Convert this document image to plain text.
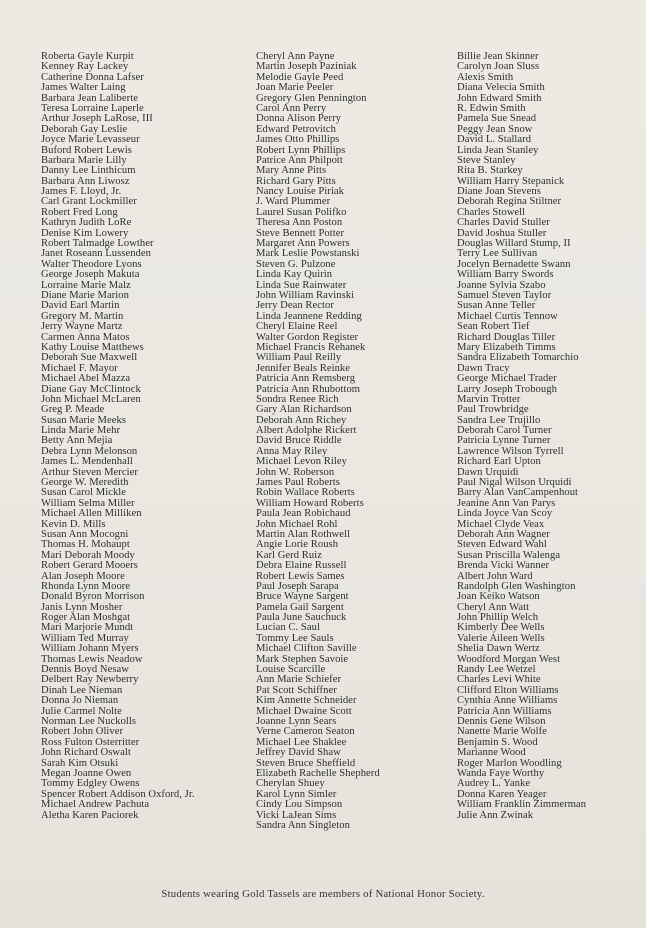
Roberta Gayle Kurpit
Kenney Ray Lackey
Catherine Donna Lafser
James Walter Laing
Barbara Jean Laliberte
Teresa Lorraine Laperle
Arthur Joseph LaRose, III
Deborah Gay Leslie
Joyce Marie Levasseur
Buford Robert Lewis
Barbara Marie Lilly
Danny Lee Linthicum
Barbara Ann Liwosz
James F. Lloyd, Jr.
Carl Grant Lockmiller
Robert Fred Long
Kathryn Judith LoRe
Denise Kim Lowery
Robert Talmadge Lowther
Janet Roseann Lussenden
Walter Theodore Lyons
George Joseph Makuta
Lorraine Marie Malz
Diane Marie Marion
David Earl Martin
Gregory M. Martin
Jerry Wayne Martz
Carmen Anna Matos
Kathy Louise Matthews
Deborah Sue Maxwell
Michael F. Mayor
Michael Abel Mazza
Diane Gay McClintock
John Michael McLaren
Greg P. Meade
Susan Marie Meeks
Linda Marie Mehr
Betty Ann Mejia
Debra Lynn Melonson
James L. Mendenhall
Arthur Steven Mercier
George W. Meredith
Susan Carol Mickle
William Selma Miller
Michael Allen Milliken
Kevin D. Mills
Susan Ann Mocogni
Thomas H. Mohaupt
Mari Deborah Moody
Robert Gerard Mooers
Alan Joseph Moore
Rhonda Lynn Moore
Donald Byron Morrison
Janis Lynn Mosher
Roger Alan Moshgat
Mari Marjorie Mundt
William Ted Murray
William Johann Myers
Thomas Lewis Neadow
Dennis Boyd Nesaw
Delbert Ray Newberry
Dinah Lee Nieman
Donna Jo Nieman
Julie Carmel Nolte
Norman Lee Nuckolls
Robert John Oliver
Ross Fulton Osterritter
John Richard Oswalt
Sarah Kim Otsuki
Megan Joanne Owen
Tommy Edgley Owens
Spencer Robert Addison Oxford, Jr.
Michael Andrew Pachuta
Aletha Karen Paciorek
Cheryl Ann Payne
Martin Joseph Paziniak
Melodie Gayle Peed
Joan Marie Peeler
Gregory Glen Pennington
Carol Ann Perry
Donna Alison Perry
Edward Petrovitch
James Otto Phillips
Robert Lynn Phillips
Patrice Ann Philpott
Mary Anne Pitts
Richard Gary Pitts
Nancy Louise Piriak
J. Ward Plummer
Laurel Susan Polifko
Theresa Ann Poston
Steve Bennett Potter
Margaret Ann Powers
Mark Leslie Powstanski
Steven G. Pulzone
Linda Kay Quirin
Linda Sue Rainwater
John William Ravinski
Jerry Dean Rector
Linda Jeannene Redding
Cheryl Elaine Reel
Walter Gordon Register
Michael Francis Rehanek
William Paul Reilly
Jennifer Beals Reinke
Patricia Ann Remsberg
Patricia Ann Rhubottom
Sondra Renee Rich
Gary Alan Richardson
Deborah Ann Richey
Albert Adolphe Rickert
David Bruce Riddle
Anna May Riley
Michael Levon Riley
John W. Roberson
James Paul Roberts
Robin Wallace Roberts
William Howard Roberts
Paula Jean Robichaud
John Michael Rohl
Martin Alan Rothwell
Angie Lorie Roush
Karl Gerd Ruiz
Debra Elaine Russell
Robert Lewis Sames
Paul Joseph Sarapa
Bruce Wayne Sargent
Pamela Gail Sargent
Paula June Sauchuck
Lucian C. Saul
Tommy Lee Sauls
Michael Clifton Saville
Mark Stephen Savoie
Louise Scarcille
Ann Marie Schiefer
Pat Scott Schiffner
Kim Annette Schneider
Michael Dwaine Scott
Joanne Lynn Sears
Verne Cameron Seaton
Michael Lee Shaklee
Jeffrey David Shaw
Steven Bruce Sheffield
Elizabeth Rachelle Shepherd
Cherylan Shuey
Karol Lynn Simler
Cindy Lou Simpson
Vicki LaJean Sims
Sandra Ann Singleton
Billie Jean Skinner
Carolyn Joan Sluss
Alexis Smith
Diana Velecia Smith
John Edward Smith
R. Edwin Smith
Pamela Sue Snead
Peggy Jean Snow
David L. Stallard
Linda Jean Stanley
Steve Stanley
Rita B. Starkey
William Harry Stepanick
Diane Joan Stevens
Deborah Regina Stiltner
Charles Stowell
Charles David Stuller
David Joshua Stuller
Douglas Willard Stump, II
Terry Lee Sullivan
Jocelyn Bernadette Swann
William Barry Swords
Joanne Sylvia Szabo
Samuel Steven Taylor
Susan Anne Teller
Michael Curtis Tennow
Sean Robert Tief
Richard Douglas Tiller
Mary Elizabeth Timms
Sandra Elizabeth Tomarchio
Dawn Tracy
George Michael Trader
Larry Joseph Trobough
Marvin Trotter
Paul Trowbridge
Sandra Lee Trujillo
Deborah Carol Turner
Patricia Lynne Turner
Lawrence Wilson Tyrrell
Richard Earl Upton
Dawn Urquidi
Paul Nigal Wilson Urquidi
Barry Alan VanCampenhout
Jeanine Ann Van Parys
Linda Joyce Van Scoy
Michael Clyde Veax
Deborah Ann Wagner
Steven Edward Wahl
Susan Priscilla Walenga
Brenda Vicki Wanner
Albert John Ward
Randolph Glen Washington
Joan Keiko Watson
Cheryl Ann Watt
John Phillip Welch
Kimberly Dee Wells
Valerie Aileen Wells
Shelia Dawn Wertz
Woodford Morgan West
Randy Lee Wetzel
Charles Levi White
Clifford Elton Williams
Cynthia Anne Williams
Patricia Ann Williams
Dennis Gene Wilson
Nanette Marie Wolfe
Benjamin S. Wood
Marianne Wood
Roger Marlon Woodling
Wanda Faye Worthy
Audrey L. Yanke
Donna Karen Yeager
William Franklin Zimmerman
Julie Ann Zwinak
Students wearing Gold Tassels are members of National Honor Society.
